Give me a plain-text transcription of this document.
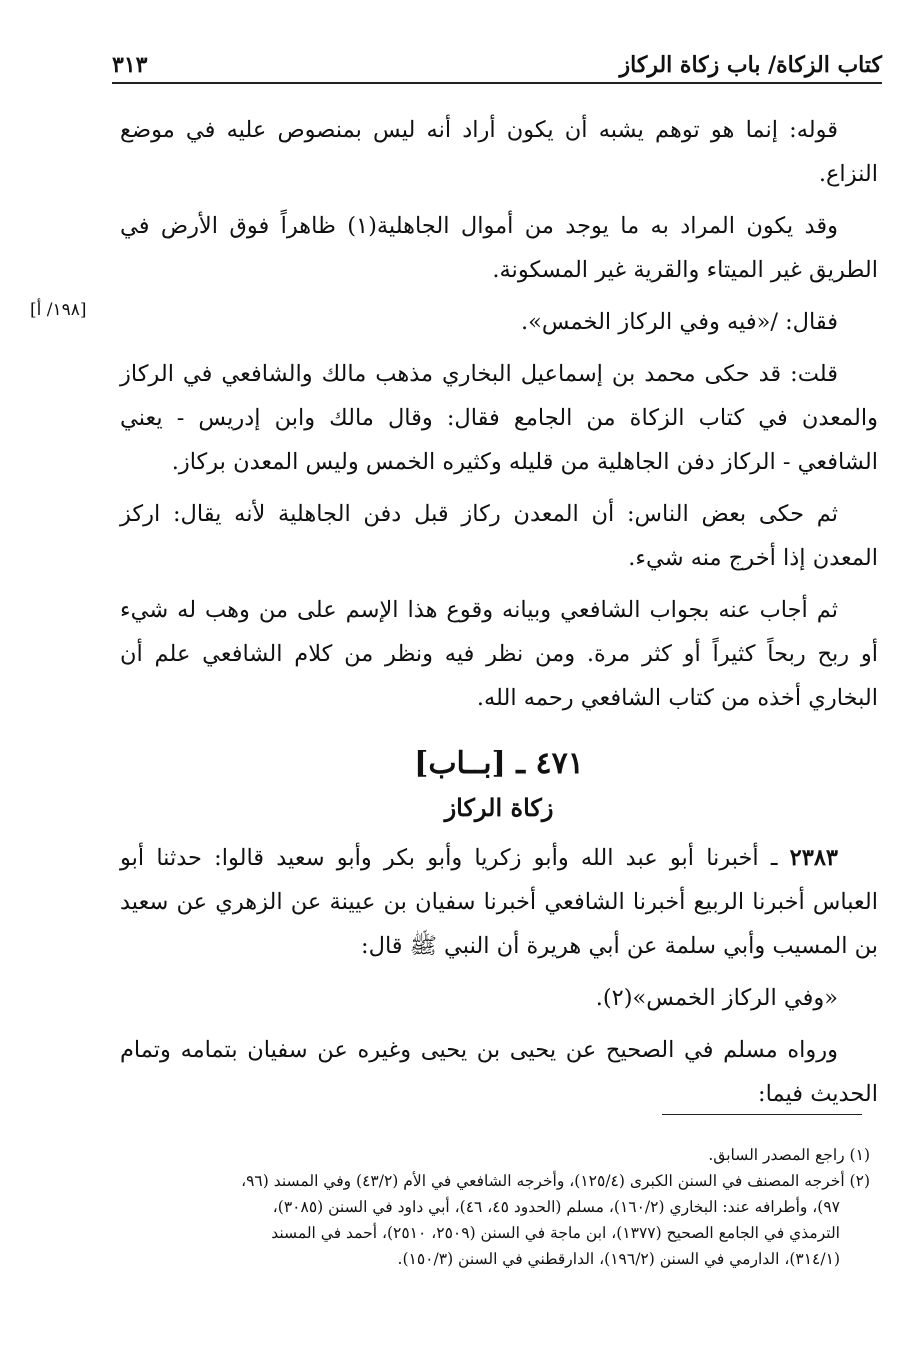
كتاب الزكاة/ باب زكاة الركاز
٣١٣
[١٩٨/ أ]

قوله: إنما هو توهم يشبه أن يكون أراد أنه ليس بمنصوص عليه في موضع النزاع.

وقد يكون المراد به ما يوجد من أموال الجاهلية(١) ظاهراً فوق الأرض في الطريق غير الميتاء والقرية غير المسكونة.

فقال: /«فيه وفي الركاز الخمس».

قلت: قد حكى محمد بن إسماعيل البخاري مذهب مالك والشافعي في الركاز والمعدن في كتاب الزكاة من الجامع فقال: وقال مالك وابن إدريس - يعني الشافعي - الركاز دفن الجاهلية من قليله وكثيره الخمس وليس المعدن بركاز.

ثم حكى بعض الناس: أن المعدن ركاز قبل دفن الجاهلية لأنه يقال: اركز المعدن إذا أخرج منه شيء.

ثم أجاب عنه بجواب الشافعي وبيانه وقوع هذا الإسم على من وهب له شيء أو ربح ربحاً كثيراً أو كثر مرة. ومن نظر فيه ونظر من كلام الشافعي علم أن البخاري أخذه من كتاب الشافعي رحمه الله.

٤٧١ ـ [بــاب]
زكاة الركاز

٢٣٨٣ ـ أخبرنا أبو عبد الله وأبو زكريا وأبو بكر وأبو سعيد قالوا: حدثنا أبو العباس أخبرنا الربيع أخبرنا الشافعي أخبرنا سفيان بن عيينة عن الزهري عن سعيد بن المسيب وأبي سلمة عن أبي هريرة أن النبي ﷺ قال:

«وفي الركاز الخمس»(٢).

ورواه مسلم في الصحيح عن يحيى بن يحيى وغيره عن سفيان بتمامه وتمام الحديث فيما:

(١) راجع المصدر السابق.

(٢) أخرجه المصنف في السنن الكبرى (١٢٥/٤)، وأخرجه الشافعي في الأم (٤٣/٢) وفي المسند (٩٦،

٩٧)، وأطرافه عند: البخاري (١٦٠/٢)، مسلم (الحدود ٤٥، ٤٦)، أبي داود في السنن (٣٠٨٥)،

الترمذي في الجامع الصحيح (١٣٧٧)، ابن ماجة في السنن (٢٥٠٩، ٢٥١٠)، أحمد في المسند

(٣١٤/١)، الدارمي في السنن (١٩٦/٢)، الدارقطني في السنن (١٥٠/٣).
